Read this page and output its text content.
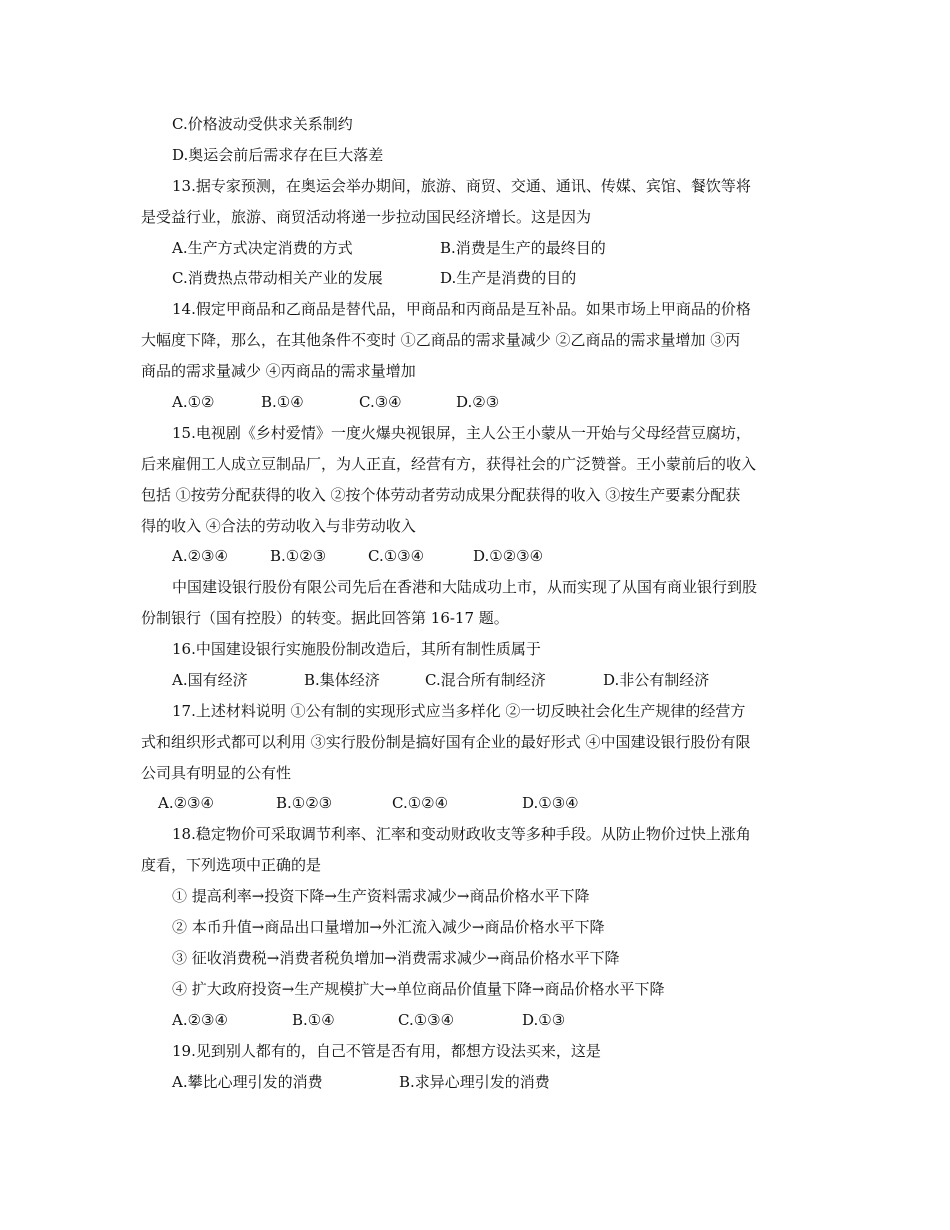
C.价格波动受供求关系制约
D.奥运会前后需求存在巨大落差
13.据专家预测，在奥运会举办期间，旅游、商贸、交通、通讯、传媒、宾馆、餐饮等将
是受益行业，旅游、商贸活动将递一步拉动国民经济增长。这是因为
A.生产方式决定消费的方式	B.消费是生产的最终目的
C.消费热点带动相关产业的发展	D.生产是消费的目的
14.假定甲商品和乙商品是替代品，甲商品和丙商品是互补品。如果市场上甲商品的价格
大幅度下降，那么，在其他条件不变时 ①乙商品的需求量减少 ②乙商品的需求量增加 ③丙
商品的需求量减少 ④丙商品的需求量增加
A.①②	B.①④	C.③④	D.②③
15.电视剧《乡村爱情》一度火爆央视银屏，主人公王小蒙从一开始与父母经营豆腐坊，
后来雇佣工人成立豆制品厂，为人正直，经营有方，获得社会的广泛赞誉。王小蒙前后的收入
包括 ①按劳分配获得的收入 ②按个体劳动者劳动成果分配获得的收入 ③按生产要素分配获
得的收入 ④合法的劳动收入与非劳动收入
A.②③④	B.①②③	C.①③④	D.①②③④
中国建设银行股份有限公司先后在香港和大陆成功上市，从而实现了从国有商业银行到股
份制银行（国有控股）的转变。据此回答第 16-17 题。
16.中国建设银行实施股份制改造后，其所有制性质属于
A.国有经济	B.集体经济	C.混合所有制经济	D.非公有制经济
17.上述材料说明 ①公有制的实现形式应当多样化 ②一切反映社会化生产规律的经营方
式和组织形式都可以利用 ③实行股份制是搞好国有企业的最好形式 ④中国建设银行股份有限
公司具有明显的公有性
A.②③④	B.①②③	C.①②④	D.①③④
18.稳定物价可采取调节利率、汇率和变动财政收支等多种手段。从防止物价过快上涨角
度看，下列选项中正确的是
① 提高利率→投资下降→生产资料需求减少→商品价格水平下降
② 本币升值→商品出口量增加→外汇流入减少→商品价格水平下降
③ 征收消费税→消费者税负增加→消费需求减少→商品价格水平下降
④ 扩大政府投资→生产规模扩大→单位商品价值量下降→商品价格水平下降
A.②③④	B.①④	C.①③④	D.①③
19.见到别人都有的，自己不管是否有用，都想方设法买来，这是
A.攀比心理引发的消费	B.求异心理引发的消费
